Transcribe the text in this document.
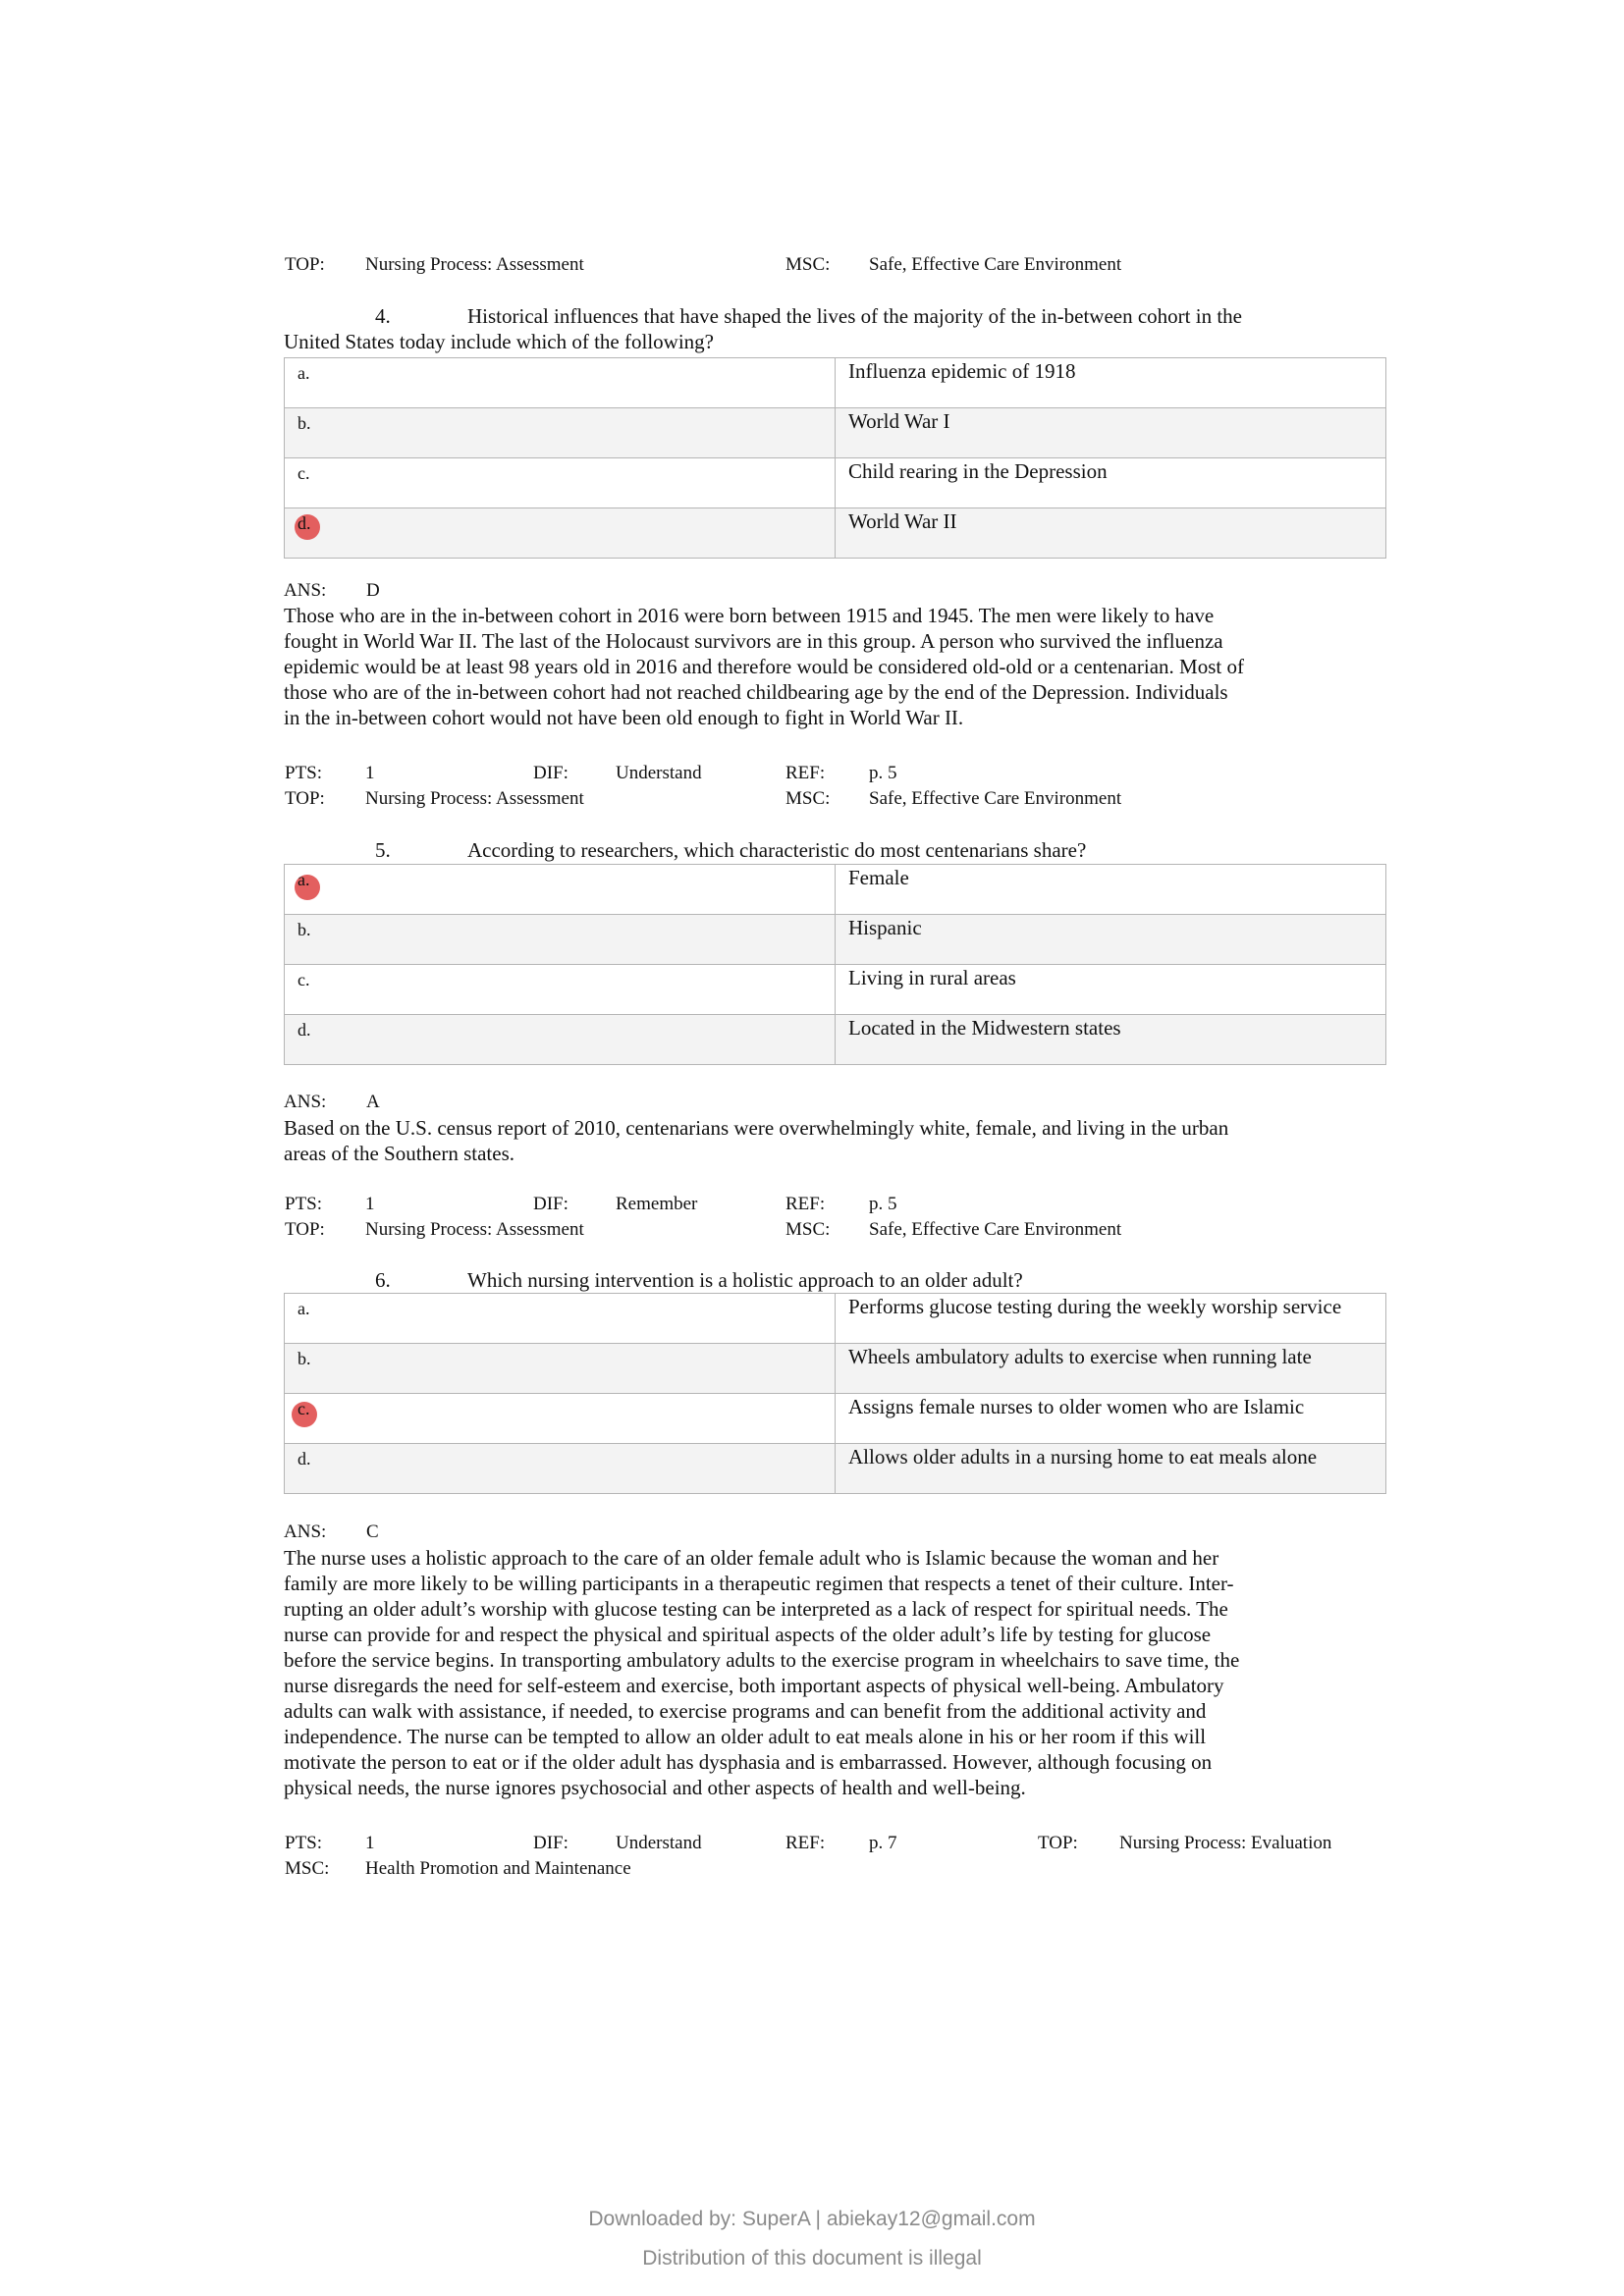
TOP: Nursing Process: Assessment	MSC: Safe, Effective Care Environment
4.	Historical influences that have shaped the lives of the majority of the in-between cohort in the
United States today include which of the following?
a.	Influenza epidemic of 1918
b.	World War I
c.	Child rearing in the Depression

d.	World War II
ANS: D
Those who are in the in-between cohort in 2016 were born between 1915 and 1945. The men were likely to have
fought in World War II. The last of the Holocaust survivors are in this group. A person who survived the influenza
epidemic would be at least 98 years old in 2016 and therefore would be considered old-old or a centenarian. Most of
those who are of the in-between cohort had not reached childbearing age by the end of the Depression. Individuals
in the in-between cohort would not have been old enough to fight in World War II.
PTS: 1	DIF:	Understand	REF: p. 5
TOP: Nursing Process: Assessment	MSC: Safe, Effective Care Environment
5.	According to researchers, which characteristic do most centenarians share?
a.	Female
b.	Hispanic
c.	Living in rural areas
d.	Located in the Midwestern states
ANS: A
Based on the U.S. census report of 2010, centenarians were overwhelmingly white, female, and living in the urban
areas of the Southern states.
PTS: 1	DIF:	Remember	REF: p. 5
TOP: Nursing Process: Assessment	MSC: Safe, Effective Care Environment
6.	Which nursing intervention is a holistic approach to an older adult?
a.	Performs glucose testing during the weekly worship service
b.	Wheels ambulatory adults to exercise when running late

c.	Assigns female nurses to older women who are Islamic
d.	Allows older adults in a nursing home to eat meals alone
ANS: C
The nurse uses a holistic approach to the care of an older female adult who is Islamic because the woman and her
family are more likely to be willing participants in a therapeutic regimen that respects a tenet of their culture. Inter-
rupting an older adult’s worship with glucose testing can be interpreted as a lack of respect for spiritual needs. The
nurse can provide for and respect the physical and spiritual aspects of the older adult’s life by testing for glucose
before the service begins. In transporting ambulatory adults to the exercise program in wheelchairs to save time, the
nurse disregards the need for self-esteem and exercise, both important aspects of physical well-being. Ambulatory
adults can walk with assistance, if needed, to exercise programs and can benefit from the additional activity and
independence. The nurse can be tempted to allow an older adult to eat meals alone in his or her room if this will
motivate the person to eat or if the older adult has dysphasia and is embarrassed. However, although focusing on
physical needs, the nurse ignores psychosocial and other aspects of health and well-being.
PTS: 1	DIF:	Understand	REF: p. 7	TOP: Nursing Process: Evaluation
MSC: Health Promotion and Maintenance
Downloaded by: SuperA | abiekay12@gmail.com
Distribution of this document is illegal
